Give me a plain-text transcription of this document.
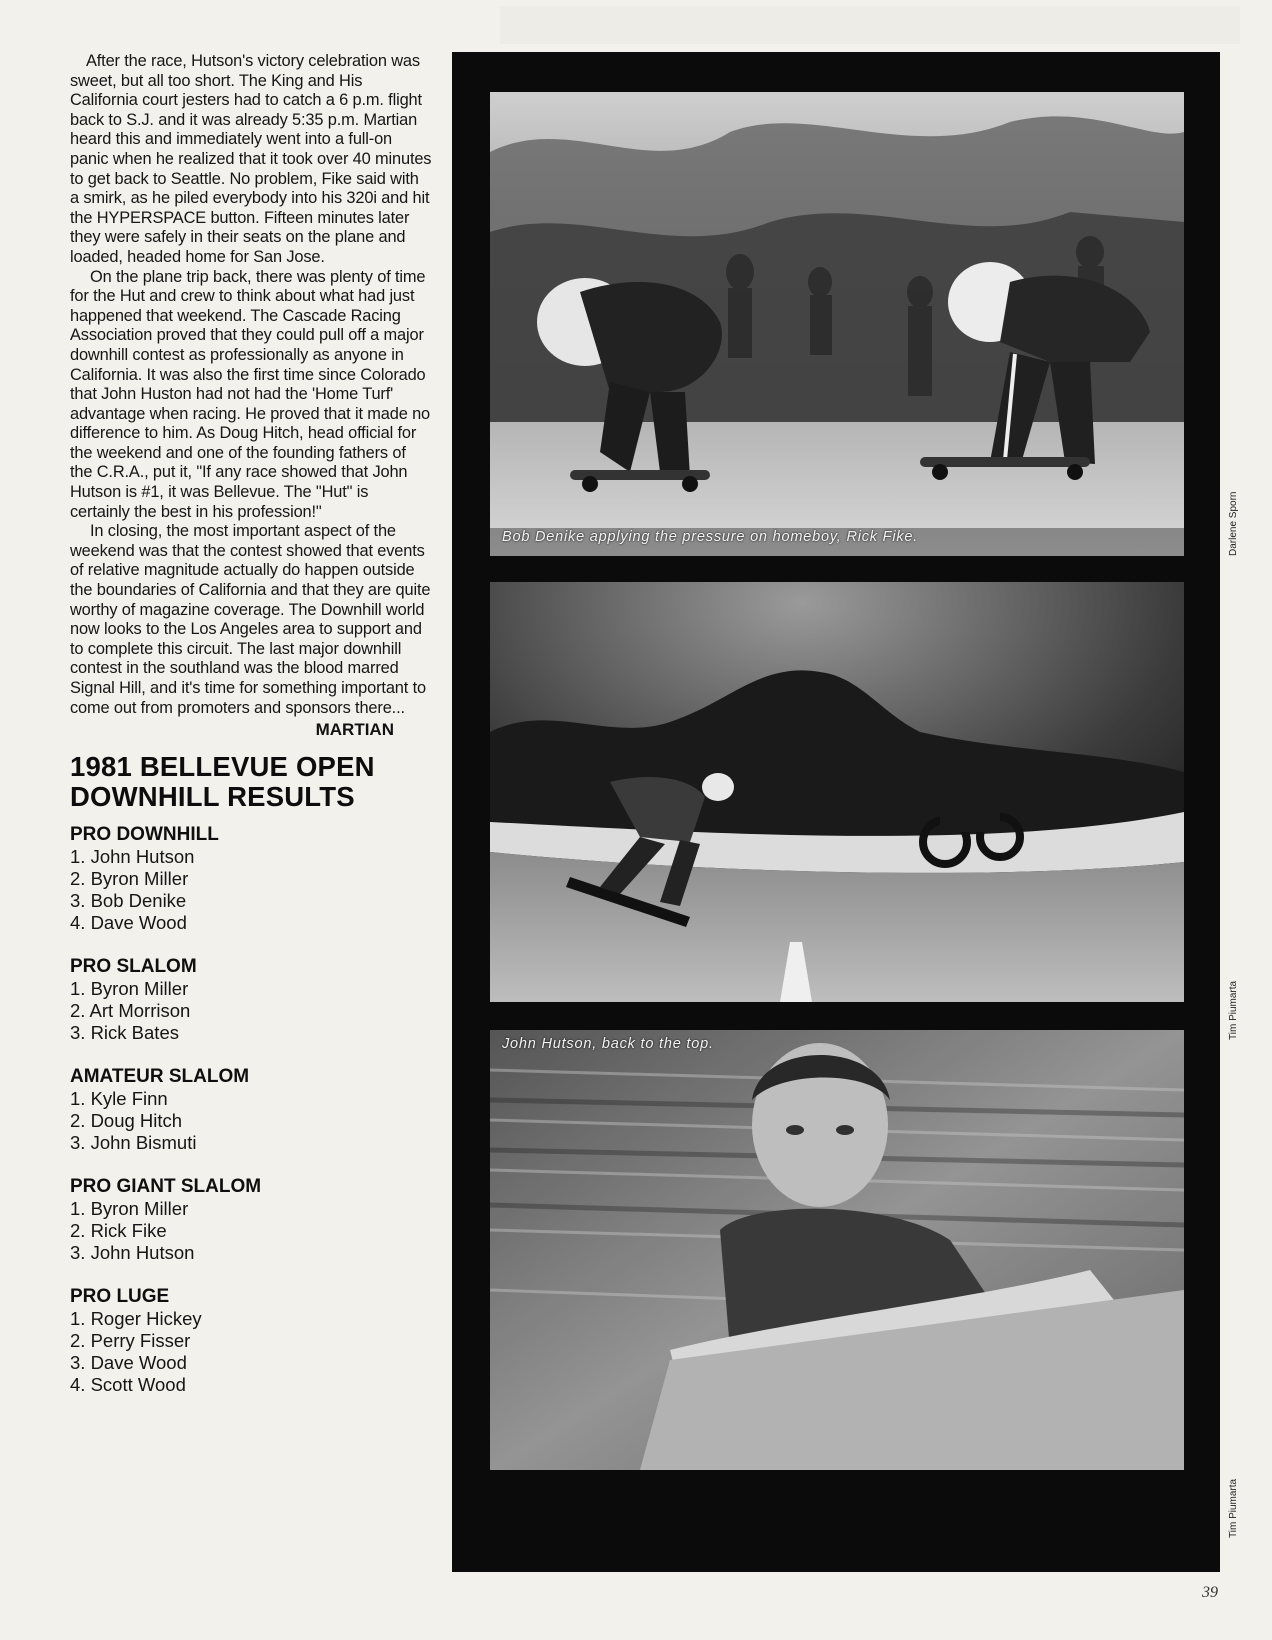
After the race, Hutson's victory celebration was sweet, but all too short. The King and His California court jesters had to catch a 6 p.m. flight back to S.J. and it was already 5:35 p.m. Martian heard this and immediately went into a full-on panic when he realized that it took over 40 minutes to get back to Seattle. No problem, Fike said with a smirk, as he piled everybody into his 320i and hit the HYPERSPACE button. Fifteen minutes later they were safely in their seats on the plane and loaded, headed home for San Jose.

On the plane trip back, there was plenty of time for the Hut and crew to think about what had just happened that weekend. The Cascade Racing Association proved that they could pull off a major downhill contest as professionally as anyone in California. It was also the first time since Colorado that John Huston had not had the 'Home Turf' advantage when racing. He proved that it made no difference to him. As Doug Hitch, head official for the weekend and one of the founding fathers of the C.R.A., put it, "If any race showed that John Hutson is #1, it was Bellevue. The "Hut" is certainly the best in his profession!"

In closing, the most important aspect of the weekend was that the contest showed that events of relative magnitude actually do happen outside the boundaries of California and that they are quite worthy of magazine coverage. The Downhill world now looks to the Los Angeles area to support and to complete this circuit. The last major downhill contest in the southland was the blood marred Signal Hill, and it's time for something important to come out from promoters and sponsors there...

MARTIAN
1981 BELLEVUE OPEN
DOWNHILL RESULTS
PRO DOWNHILL
1. John Hutson
2. Byron Miller
3. Bob Denike
4. Dave Wood
PRO SLALOM
1. Byron Miller
2. Art Morrison
3. Rick Bates
AMATEUR SLALOM
1. Kyle Finn
2. Doug Hitch
3. John Bismuti
PRO GIANT SLALOM
1. Byron Miller
2. Rick Fike
3. John Hutson
PRO LUGE
1. Roger Hickey
2. Perry Fisser
3. Dave Wood
4. Scott Wood
Bob Denike applying the pressure on homeboy, Rick Fike.
John Hutson, back to the top.
Darlene Sporn
Tim Piumarta
Tim Piumarta
39
